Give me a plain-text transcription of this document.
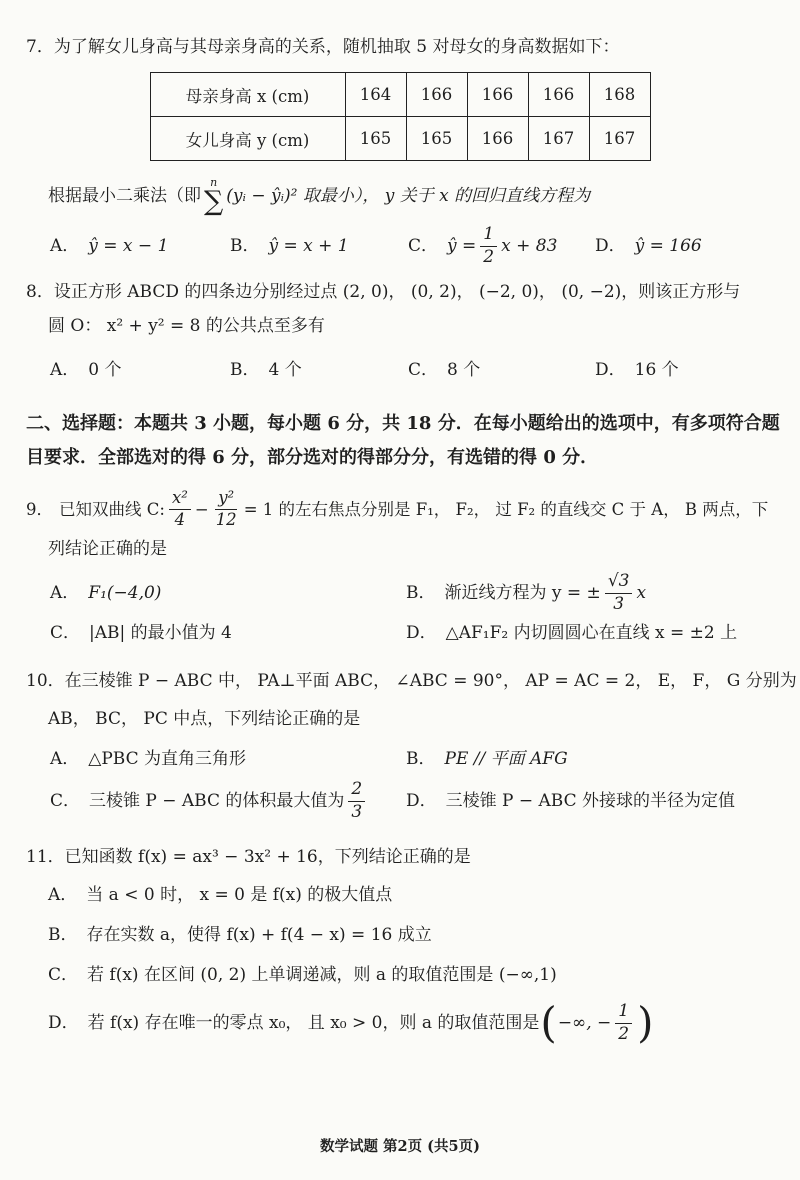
7．为了解女儿身高与其母亲身高的关系，随机抽取 5 对母女的身高数据如下：
母亲身高 x (cm)	164	166	166	166	168
女儿身高 y (cm)	165	165	166	167	167
根据最小二乘法（即
n
∑ (yᵢ − ŷᵢ)² 取最小）， y 关于 x 的回归直线方程为
A． ŷ = x − 1	B． ŷ = x + 1	C． ŷ = $\frac{1}{2}$ x + 83 D． ŷ = 166
8．设正方形 ABCD 的四条边分别经过点 (2, 0)， (0, 2)， (−2, 0)， (0, −2)，则该正方形与
圆 O： x² + y² = 8 的公共点至多有
A． 0 个	B． 4 个	C． 8 个	D． 16 个
二、选择题：本题共 3 小题，每小题 6 分，共 18 分．在每小题给出的选项中，有多项符合题
目要求．全部选对的得 6 分，部分选对的得部分分，有选错的得 0 分．
9． 已知双曲线 C: $\frac{\text{x²}}{4} - \frac{\text{y²}}{12} = 1$ 的左右焦点分别是 F₁， F₂， 过 F₂ 的直线交 C 于 A， B 两点，下
列结论正确的是
A． F₁(−4,0)	B． 渐近线方程为 y = ± $\frac{√3}{3}$ x
C． |AB| 的最小值为 4	D． △AF₁F₂ 内切圆圆心在直线 x = ±2 上
10．在三棱锥 P − ABC 中， PA⊥平面 ABC， ∠ABC = 90°， AP = AC = 2， E， F， G 分别为
AB， BC， PC 中点，下列结论正确的是
A． △PBC 为直角三角形	B． PE // 平面 AFG
C． 三棱锥 P − ABC 的体积最大值为 $\frac{2}{3}$ D． 三棱锥 P − ABC 外接球的半径为定值
11．已知函数 f(x) = ax³ − 3x² + 16，下列结论正确的是
A． 当 a < 0 时， x = 0 是 f(x) 的极大值点
B． 存在实数 a，使得 f(x) + f(4 − x) = 16 成立
C． 若 f(x) 在区间 (0, 2) 上单调递减，则 a 的取值范围是 (−∞,1)
D． 若 f(x) 存在唯一的零点 x₀， 且 x₀ > 0，则 a 的取值范围是 ( −∞, − $\frac{1}{2}$ )
数学试题 第2页 (共5页)
